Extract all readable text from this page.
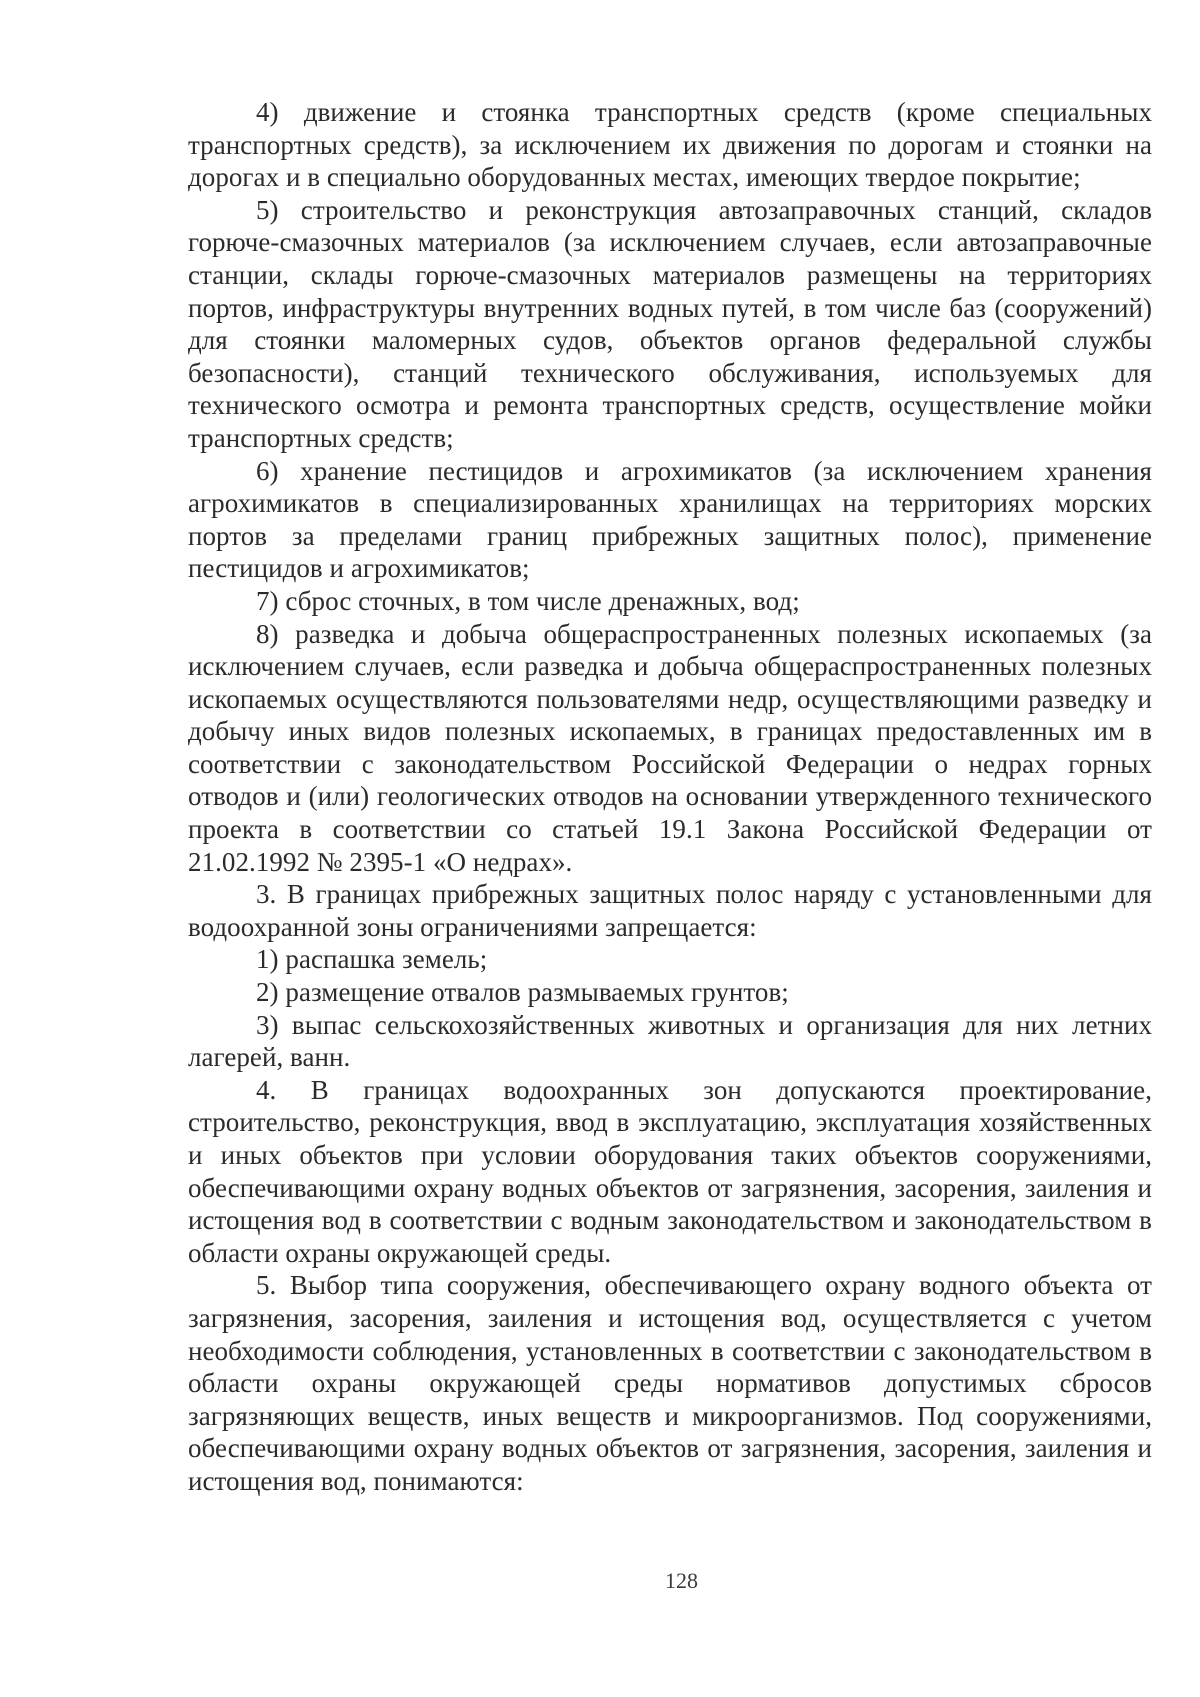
4) движение и стоянка транспортных средств (кроме специальных транспортных средств), за исключением их движения по дорогам и стоянки на дорогах и в специально оборудованных местах, имеющих твердое покрытие;

5) строительство и реконструкция автозаправочных станций, складов горюче-смазочных материалов (за исключением случаев, если автозаправочные станции, склады горюче-смазочных материалов размещены на территориях портов, инфраструктуры внутренних водных путей, в том числе баз (сооружений) для стоянки маломерных судов, объектов органов федеральной службы безопасности), станций технического обслуживания, используемых для технического осмотра и ремонта транспортных средств, осуществление мойки транспортных средств;

6) хранение пестицидов и агрохимикатов (за исключением хранения агрохимикатов в специализированных хранилищах на территориях морских портов за пределами границ прибрежных защитных полос), применение пестицидов и агрохимикатов;

7) сброс сточных, в том числе дренажных, вод;

8) разведка и добыча общераспространенных полезных ископаемых (за исключением случаев, если разведка и добыча общераспространенных полезных ископаемых осуществляются пользователями недр, осуществляющими разведку и добычу иных видов полезных ископаемых, в границах предоставленных им в соответствии с законодательством Российской Федерации о недрах горных отводов и (или) геологических отводов на основании утвержденного технического проекта в соответствии со статьей 19.1 Закона Российской Федерации от 21.02.1992 № 2395-1 «О недрах».

3. В границах прибрежных защитных полос наряду с установленными для водоохранной зоны ограничениями запрещается:

1) распашка земель;

2) размещение отвалов размываемых грунтов;

3) выпас сельскохозяйственных животных и организация для них летних лагерей, ванн.

4. В границах водоохранных зон допускаются проектирование, строительство, реконструкция, ввод в эксплуатацию, эксплуатация хозяйственных и иных объектов при условии оборудования таких объектов сооружениями, обеспечивающими охрану водных объектов от загрязнения, засорения, заиления и истощения вод в соответствии с водным законодательством и законодательством в области охраны окружающей среды.

5. Выбор типа сооружения, обеспечивающего охрану водного объекта от загрязнения, засорения, заиления и истощения вод, осуществляется с учетом необходимости соблюдения, установленных в соответствии с законодательством в области охраны окружающей среды нормативов допустимых сбросов загрязняющих веществ, иных веществ и микроорганизмов. Под сооружениями, обеспечивающими охрану водных объектов от загрязнения, засорения, заиления и истощения вод, понимаются:

128
